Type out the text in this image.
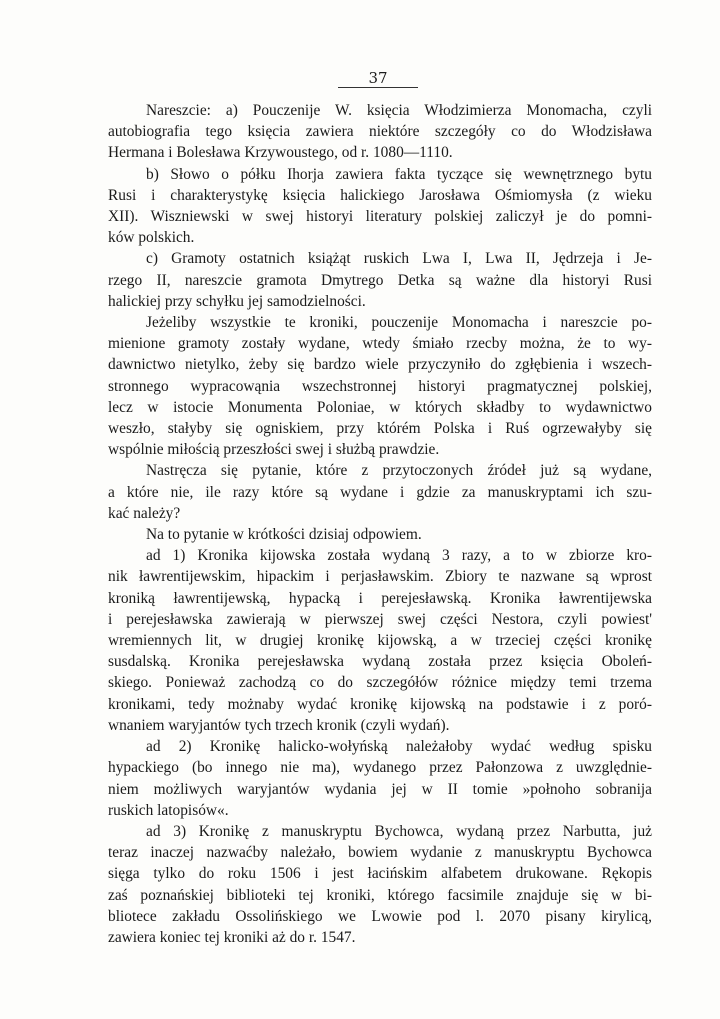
37
Nareszcie: a) Pouczenije W. księcia Włodzimierza Monomacha, czyli
autobiografia tego księcia zawiera niektóre szczegóły co do Włodzisława
Hermana i Bolesława Krzywoustego, od r. 1080—1110.
b) Słowo o półku Ihorja zawiera fakta tyczące się wewnętrznego bytu
Rusi i charakterystykę księcia halickiego Jarosława Ośmiomysła (z wieku
XII). Wiszniewski w swej historyi literatury polskiej zaliczył je do pomni-
ków polskich.
c) Gramoty ostatnich książąt ruskich Lwa I, Lwa II, Jędrzeja i Je-
rzego II, nareszcie gramota Dmytrego Detka są ważne dla historyi Rusi
halickiej przy schyłku jej samodzielności.
Jeżeliby wszystkie te kroniki, pouczenije Monomacha i nareszcie po-
mienione gramoty zostały wydane, wtedy śmiało rzecby można, że to wy-
dawnictwo nietylko, żeby się bardzo wiele przyczyniło do zgłębienia i wszech-
stronnego wypracowąnia wszechstronnej historyi pragmatycznej polskiej,
lecz w istocie Monumenta Poloniae, w których składby to wydawnictwo
weszło, stałyby się ogniskiem, przy którém Polska i Ruś ogrzewałyby się
wspólnie miłością przeszłości swej i służbą prawdzie.
Nastręcza się pytanie, które z przytoczonych źródeł już są wydane,
a które nie, ile razy które są wydane i gdzie za manuskryptami ich szu-
kać należy?
Na to pytanie w krótkości dzisiaj odpowiem.
ad 1) Kronika kijowska została wydaną 3 razy, a to w zbiorze kro-
nik ławrentijewskim, hipackim i perjasławskim. Zbiory te nazwane są wprost
kroniką ławrentijewską, hypacką i perejesławską. Kronika ławrentijewska
i perejesławska zawierają w pierwszej swej części Nestora, czyli powiest'
wremiennych lit, w drugiej kronikę kijowską, a w trzeciej części kronikę
susdalską. Kronika perejesławska wydaną została przez księcia Oboleń-
skiego. Ponieważ zachodzą co do szczegółów różnice między temi trzema
kronikami, tedy możnaby wydać kronikę kijowską na podstawie i z poró-
wnaniem waryjantów tych trzech kronik (czyli wydań).
ad 2) Kronikę halicko-wołyńską należałoby wydać według spisku
hypackiego (bo innego nie ma), wydanego przez Pałonzowa z uwzględnie-
niem możliwych waryjantów wydania jej w II tomie »połnoho sobranija
ruskich latopisów«.
ad 3) Kronikę z manuskryptu Bychowca, wydaną przez Narbutta, już
teraz inaczej nazwaćby należało, bowiem wydanie z manuskryptu Bychowca
sięga tylko do roku 1506 i jest łacińskim alfabetem drukowane. Rękopis
zaś poznańskiej biblioteki tej kroniki, którego facsimile znajduje się w bi-
bliotece zakładu Ossolińskiego we Lwowie pod l. 2070 pisany kirylicą,
zawiera koniec tej kroniki aż do r. 1547.
